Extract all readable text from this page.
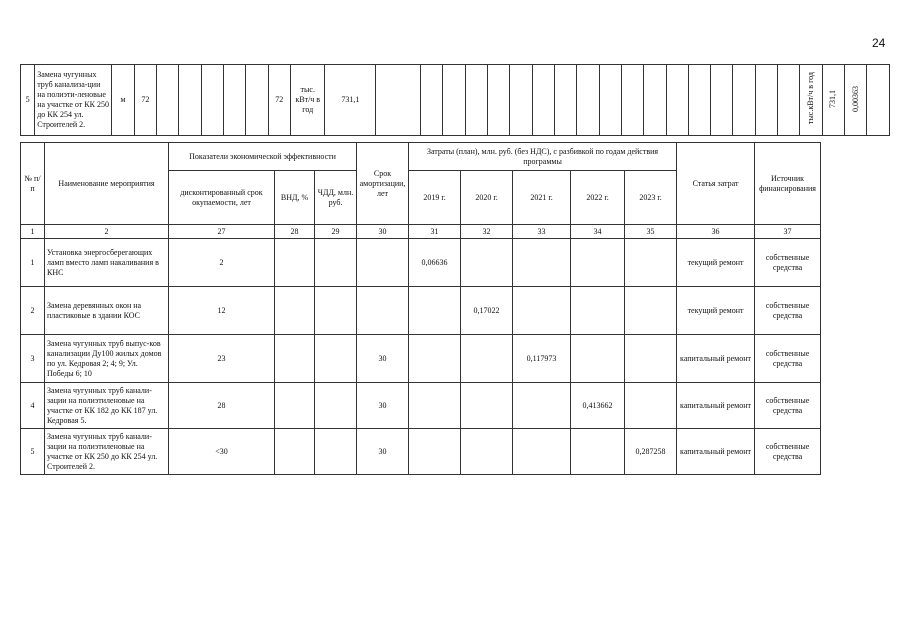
24
5	Замена чугунных труб канализа-ции на полиэти-леновые на участке от КК 250 до КК 254 ул. Строителей 2.	м	72						72	тыс. кВт/ч в год	731,1																			тыс.кВт/ч в год	731,1	0,00363	
№ п/п	Наименование мероприятия	Показатели экономической эффективности			Срок амортизации, лет	Затраты (план), млн. руб. (без НДС), с разбивкой по годам действия программы					Статья затрат	Источник финансирования
		дисконтированный срок окупаемости, лет	ВНД, %	ЧДД, млн. руб.		2019 г.	2020 г.	2021 г.	2022 г.	2023 г.		
1	2	27	28	29	30	31	32	33	34	35	36	37
1	Установка энергосберегающих ламп вместо ламп накаливания в КНС	2				0,06636					текущий ремонт	собственные средства
2	Замена деревянных окон на пластиковые в здании КОС	12					0,17022				текущий ремонт	собственные средства
3	Замена чугунных труб выпус-ков канализации Ду100 жилых домов по ул. Кедровая 2; 4; 9; Ул. Победы 6; 10	23			30			0,117973			капитальный ремонт	собственные средства
4	Замена чугунных труб канали-зации на полиэтиленовые на участке от КК 182 до КК 187 ул. Кедровая 5.	28			30				0,413662		капитальный ремонт	собственные средства
5	Замена чугунных труб канали-зации на полиэтиленовые на участке от КК 250 до КК 254 ул. Строителей 2.	<30			30					0,287258	капитальный ремонт	собственные средства
